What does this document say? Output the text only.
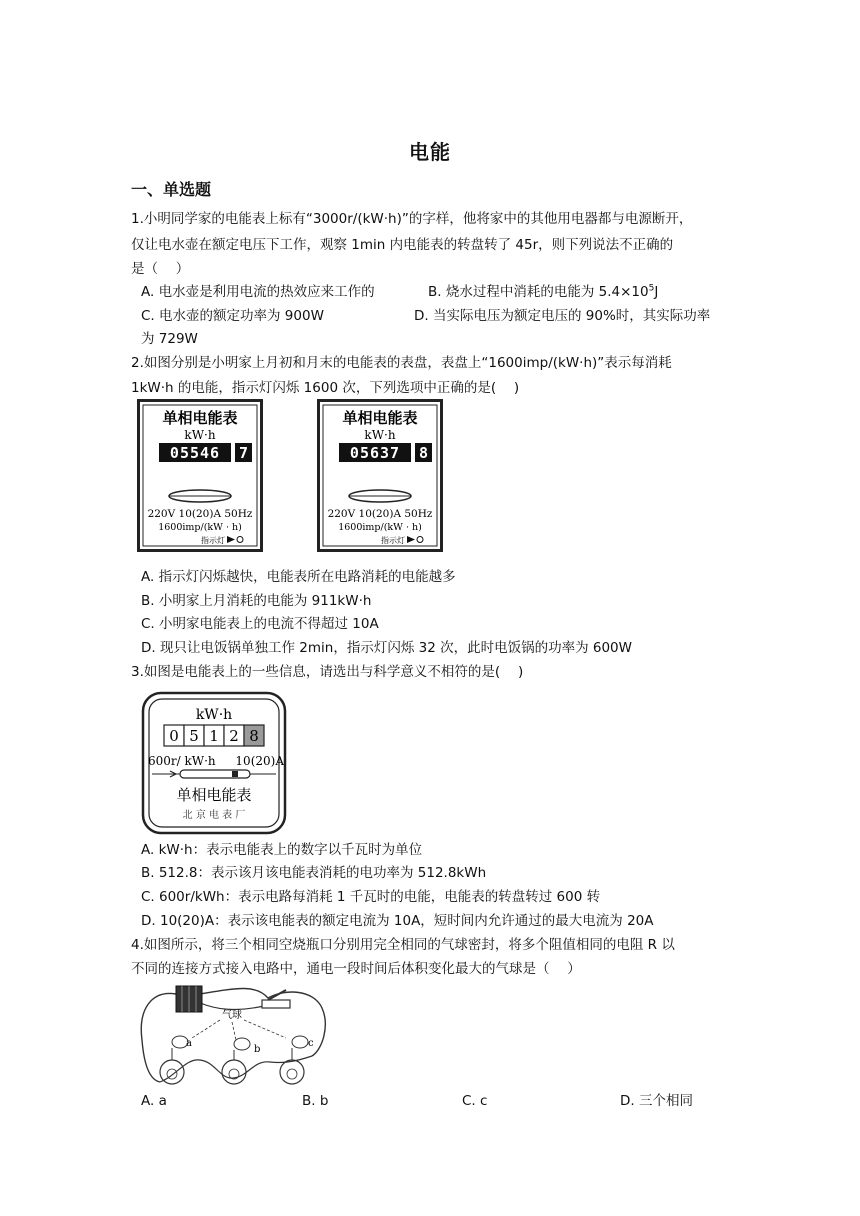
电能
一、单选题
1.小明同学家的电能表上标有“3000r/(kW·h)”的字样，他将家中的其他用电器都与电源断开，
仅让电水壶在额定电压下工作，观察 1min 内电能表的转盘转了 45r，则下列说法不正确的
是（　 ）
A. 电水壶是利用电流的热效应来工作的	B. 烧水过程中消耗的电能为 $5.4\times 10^5J$
C. 电水壶的额定功率为 900W	D. 当实际电压为额定电压的 90%时，其实际功率
为 729W
2.如图分别是小明家上月初和月末的电能表的表盘，表盘上“1600imp/(kW·h)”表示每消耗
1kW·h 的电能，指示灯闪烁 1600 次，下列选项中正确的是(　 )
单相电能表
kW·h
05546 7
220V 10(20)A 50Hz
1600imp/(kW · h)
指示灯
单相电能表
kW·h
05637 8
220V 10(20)A 50Hz
1600imp/(kW · h)
指示灯
A. 指示灯闪烁越快，电能表所在电路消耗的电能越多
B. 小明家上月消耗的电能为 911kW·h
C. 小明家电能表上的电流不得超过 10A
D. 现只让电饭锅单独工作 2min，指示灯闪烁 32 次，此时电饭锅的功率为 600W
3.如图是电能表上的一些信息，请选出与科学意义不相符的是(　 )
kW·h
0 5 1 2 8
600r/ kW·h 10(20)A
单相电能表
北 京 电 表 厂
A. kW·h：表示电能表上的数字以千瓦时为单位
B. 512.8：表示该月该电能表消耗的电功率为 512.8kWh
C. 600r/kWh：表示电路每消耗 1 千瓦时的电能，电能表的转盘转过 600 转
D. 10(20)A：表示该电能表的额定电流为 10A，短时间内允许通过的最大电流为 20A
4.如图所示，将三个相同空烧瓶口分别用完全相同的气球密封，将多个阻值相同的电阻 R 以
不同的连接方式接入电路中，通电一段时间后体积变化最大的气球是（　 ）
气球
a
b
c
A. a	B. b	C. c	D. 三个相同
